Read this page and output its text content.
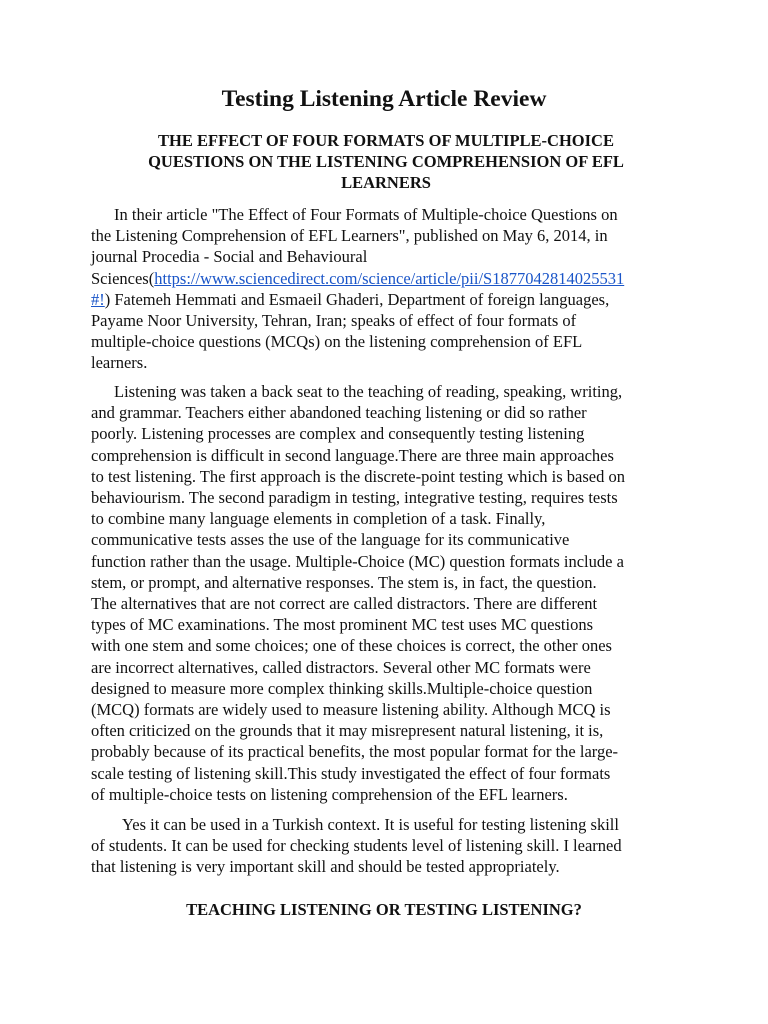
Testing Listening Article Review
THE EFFECT OF FOUR FORMATS OF MULTIPLE-CHOICE QUESTIONS ON THE LISTENING COMPREHENSION OF EFL LEARNERS

In their article "The Effect of Four Formats of Multiple-choice Questions on
the Listening Comprehension of EFL Learners", published on May 6, 2014, in
journal Procedia - Social and Behavioural
Sciences(https://www.sciencedirect.com/science/article/pii/S1877042814025531
#!) Fatemeh Hemmati and Esmaeil Ghaderi, Department of foreign languages,
Payame Noor University, Tehran, Iran; speaks of effect of four formats of
multiple-choice questions (MCQs) on the listening comprehension of EFL
learners.

Listening was taken a back seat to the teaching of reading, speaking, writing,
and grammar. Teachers either abandoned teaching listening or did so rather
poorly. Listening processes are complex and consequently testing listening
comprehension is difficult in second language.There are three main approaches
to test listening. The first approach is the discrete-point testing which is based on
behaviourism. The second paradigm in testing, integrative testing, requires tests
to combine many language elements in completion of a task. Finally,
communicative tests asses the use of the language for its communicative
function rather than the usage. Multiple-Choice (MC) question formats include a
stem, or prompt, and alternative responses. The stem is, in fact, the question.
The alternatives that are not correct are called distractors. There are different
types of MC examinations. The most prominent MC test uses MC questions
with one stem and some choices; one of these choices is correct, the other ones
are incorrect alternatives, called distractors. Several other MC formats were
designed to measure more complex thinking skills.Multiple-choice question
(MCQ) formats are widely used to measure listening ability. Although MCQ is
often criticized on the grounds that it may misrepresent natural listening, it is,
probably because of its practical benefits, the most popular format for the large-
scale testing of listening skill.This study investigated the effect of four formats
of multiple-choice tests on listening comprehension of the EFL learners.

Yes it can be used in a Turkish context. It is useful for testing listening skill
of students. It can be used for checking students level of listening skill. I learned
that listening is very important skill and should be tested appropriately.

TEACHING LISTENING OR TESTING LISTENING?
